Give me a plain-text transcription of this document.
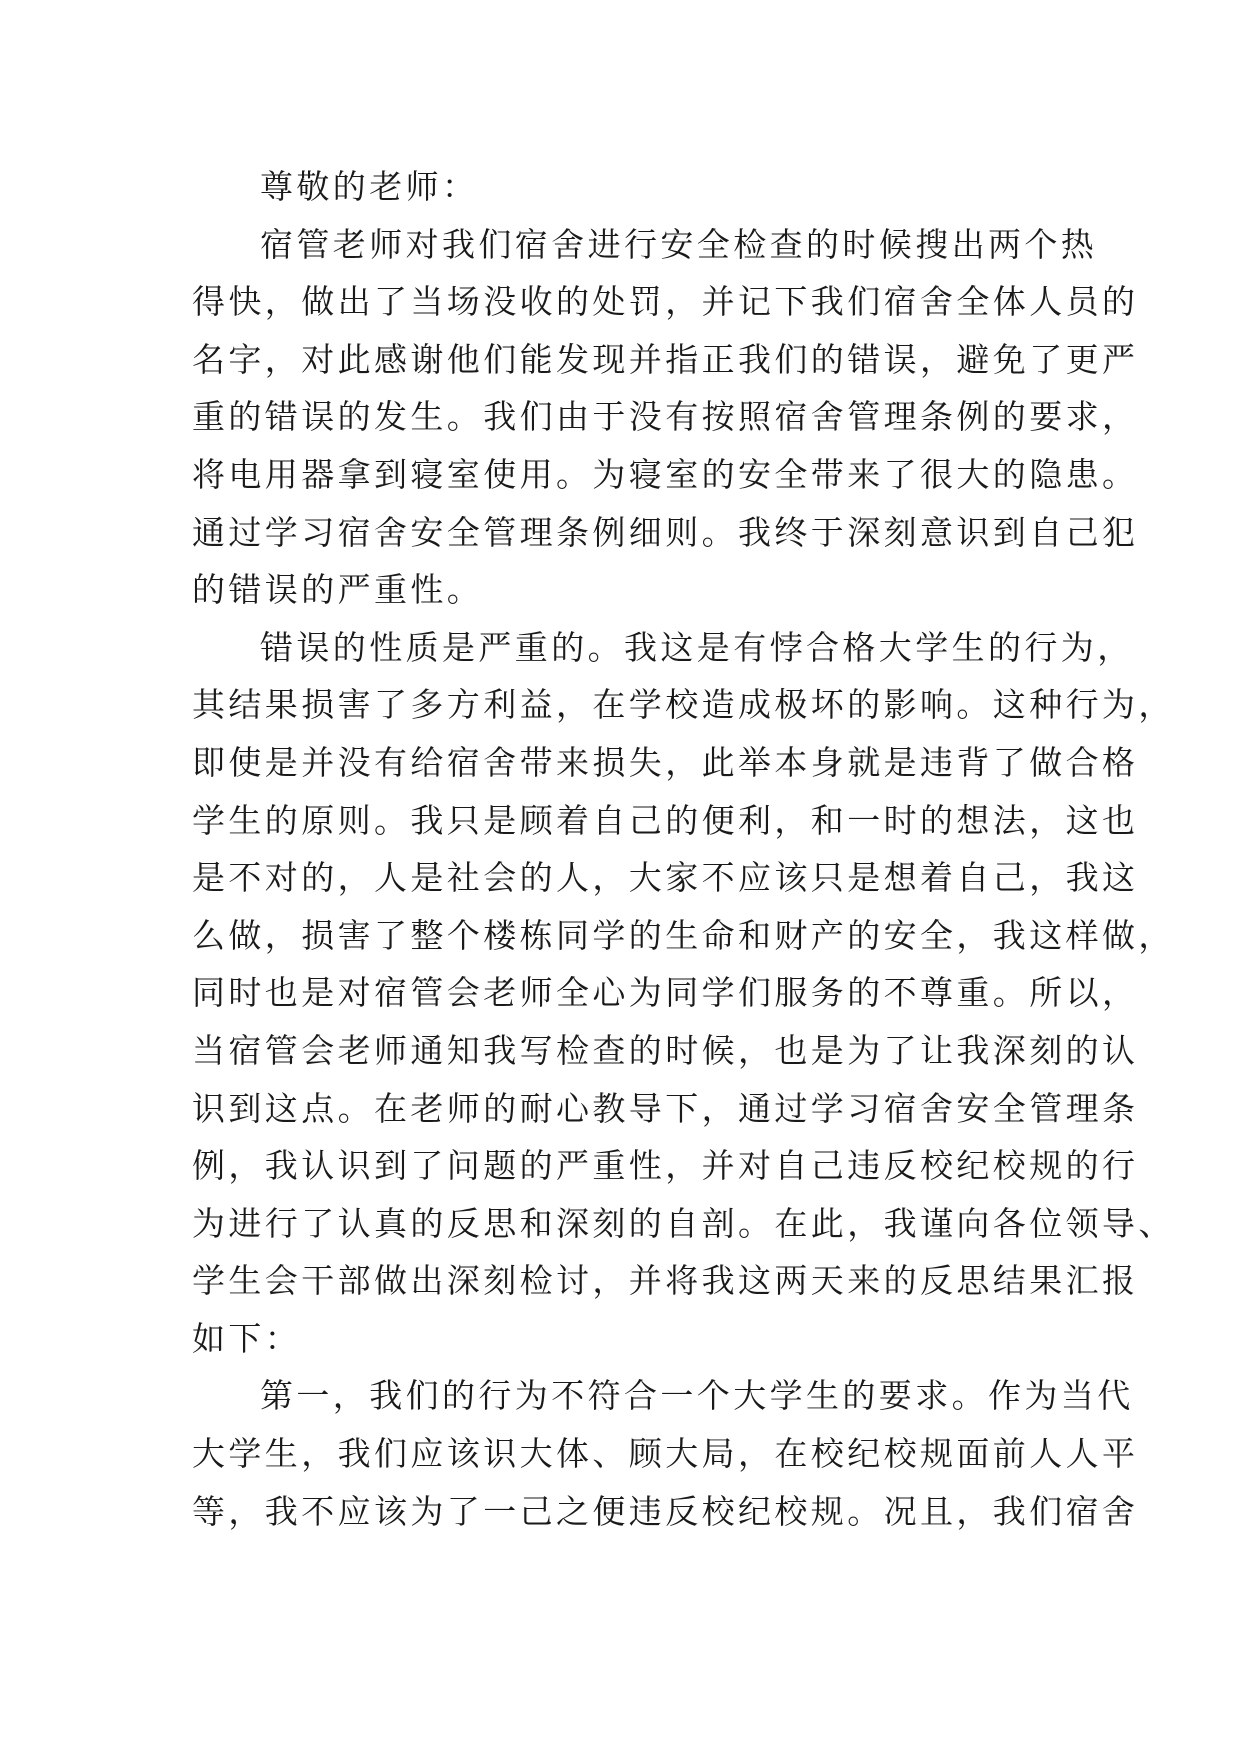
尊敬的老师：
宿管老师对我们宿舍进行安全检查的时候搜出两个热
得快，做出了当场没收的处罚，并记下我们宿舍全体人员的
名字，对此感谢他们能发现并指正我们的错误，避免了更严
重的错误的发生。我们由于没有按照宿舍管理条例的要求，
将电用器拿到寝室使用。为寝室的安全带来了很大的隐患。
通过学习宿舍安全管理条例细则。我终于深刻意识到自己犯
的错误的严重性。
错误的性质是严重的。我这是有悖合格大学生的行为，
其结果损害了多方利益，在学校造成极坏的影响。这种行为，
即使是并没有给宿舍带来损失，此举本身就是违背了做合格
学生的原则。我只是顾着自己的便利，和一时的想法，这也
是不对的，人是社会的人，大家不应该只是想着自己，我这
么做，损害了整个楼栋同学的生命和财产的安全，我这样做，
同时也是对宿管会老师全心为同学们服务的不尊重。所以，
当宿管会老师通知我写检查的时候，也是为了让我深刻的认
识到这点。在老师的耐心教导下，通过学习宿舍安全管理条
例，我认识到了问题的严重性，并对自己违反校纪校规的行
为进行了认真的反思和深刻的自剖。在此，我谨向各位领导、
学生会干部做出深刻检讨，并将我这两天来的反思结果汇报
如下：
第一，我们的行为不符合一个大学生的要求。作为当代
大学生，我们应该识大体、顾大局，在校纪校规面前人人平
等，我不应该为了一己之便违反校纪校规。况且，我们宿舍
